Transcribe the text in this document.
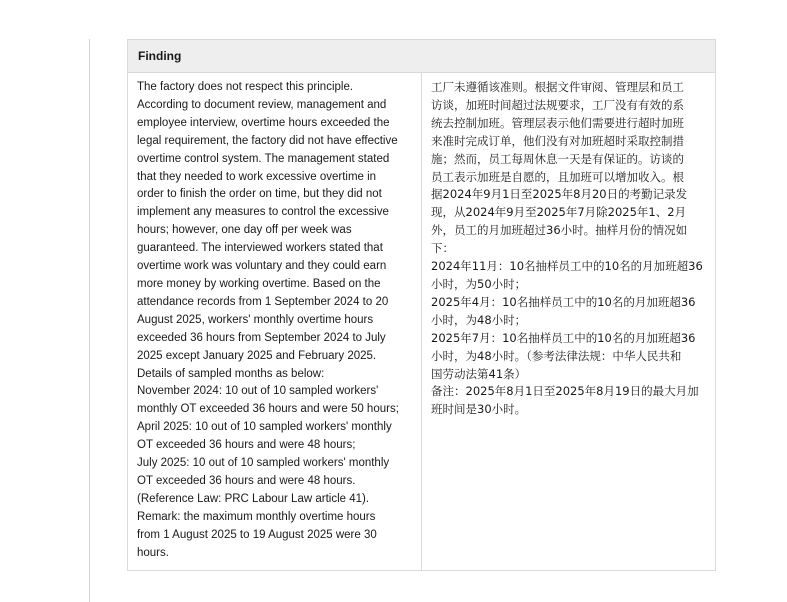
Finding
The factory does not respect this principle.
According to document review, management and
employee interview, overtime hours exceeded the
legal requirement, the factory did not have effective
overtime control system. The management stated
that they needed to work excessive overtime in
order to finish the order on time, but they did not
implement any measures to control the excessive
hours; however, one day off per week was
guaranteed. The interviewed workers stated that
overtime work was voluntary and they could earn
more money by working overtime. Based on the
attendance records from 1 September 2024 to 20
August 2025, workers' monthly overtime hours
exceeded 36 hours from September 2024 to July
2025 except January 2025 and February 2025.
Details of sampled months as below:
November 2024: 10 out of 10 sampled workers'
monthly OT exceeded 36 hours and were 50 hours;
April 2025: 10 out of 10 sampled workers' monthly
OT exceeded 36 hours and were 48 hours;
July 2025: 10 out of 10 sampled workers' monthly
OT exceeded 36 hours and were 48 hours.
(Reference Law: PRC Labour Law article 41).
Remark: the maximum monthly overtime hours
from 1 August 2025 to 19 August 2025 were 30
hours.
工厂未遵循该准则。根据文件审阅、管理层和员工
访谈，加班时间超过法规要求，工厂没有有效的系
统去控制加班。管理层表示他们需要进行超时加班
来准时完成订单，他们没有对加班超时采取控制措
施；然而，员工每周休息一天是有保证的。访谈的
员工表示加班是自愿的，且加班可以增加收入。根
据2024年9月1日至2025年8月20日的考勤记录发
现，从2024年9月至2025年7月除2025年1、2月
外，员工的月加班超过36小时。抽样月份的情况如
下：
2024年11月：10名抽样员工中的10名的月加班超36
小时，为50小时；
2025年4月：10名抽样员工中的10名的月加班超36
小时，为48小时；
2025年7月：10名抽样员工中的10名的月加班超36
小时，为48小时。（参考法律法规：中华人民共和
国劳动法第41条）
备注：2025年8月1日至2025年8月19日的最大月加
班时间是30小时。
